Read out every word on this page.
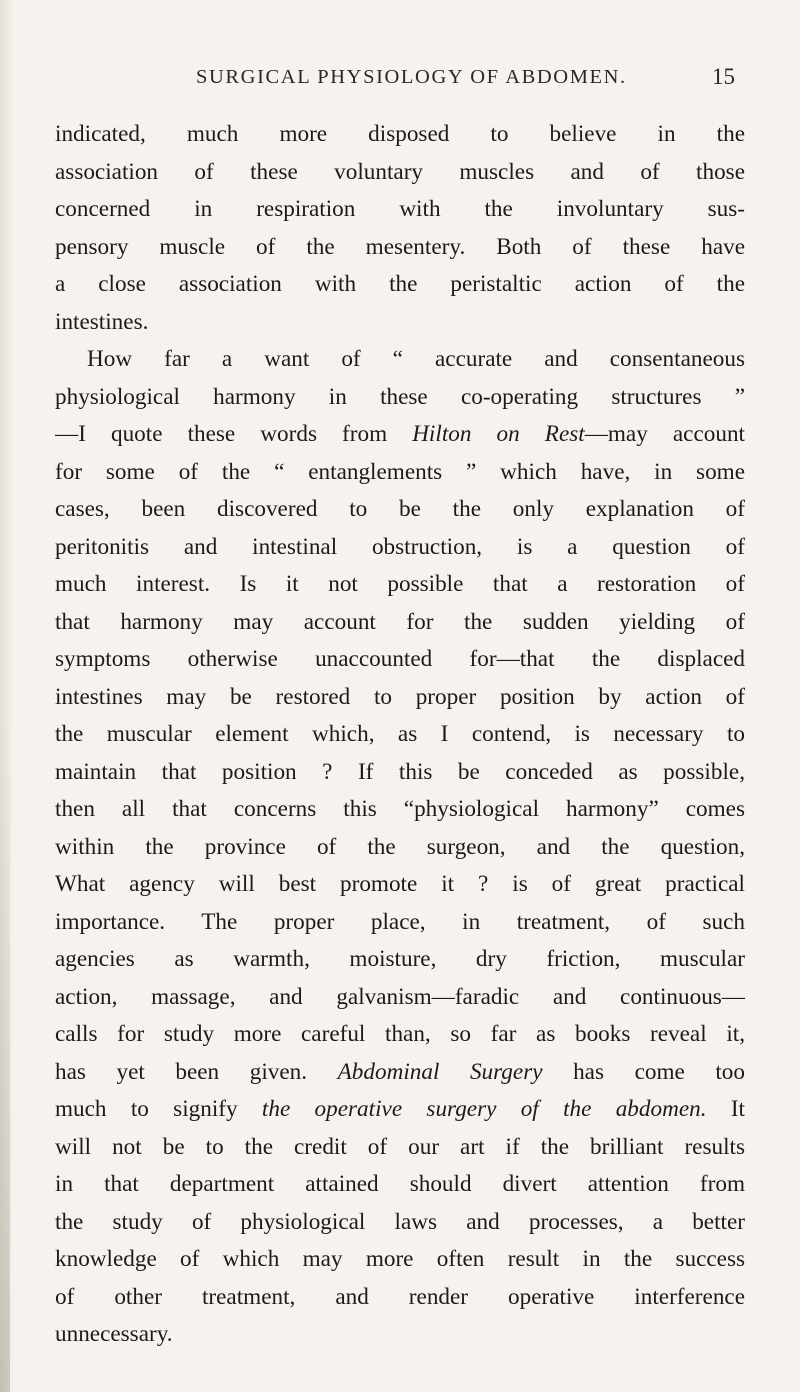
SURGICAL PHYSIOLOGY OF ABDOMEN.	15
indicated, much more disposed to believe in the
association of these voluntary muscles and of those
concerned in respiration with the involuntary sus-
pensory muscle of the mesentery. Both of these have
a close association with the peristaltic action of the
intestines.
How far a want of “ accurate and consentaneous
physiological harmony in these co-operating structures ”
—I quote these words from Hilton on Rest—may account
for some of the “ entanglements ” which have, in some
cases, been discovered to be the only explanation of
peritonitis and intestinal obstruction, is a question of
much interest. Is it not possible that a restoration of
that harmony may account for the sudden yielding of
symptoms otherwise unaccounted for—that the displaced
intestines may be restored to proper position by action of
the muscular element which, as I contend, is necessary to
maintain that position ? If this be conceded as possible,
then all that concerns this “physiological harmony” comes
within the province of the surgeon, and the question,
What agency will best promote it ? is of great practical
importance. The proper place, in treatment, of such
agencies as warmth, moisture, dry friction, muscular
action, massage, and galvanism—faradic and continuous—
calls for study more careful than, so far as books reveal it,
has yet been given. Abdominal Surgery has come too
much to signify the operative surgery of the abdomen. It
will not be to the credit of our art if the brilliant results
in that department attained should divert attention from
the study of physiological laws and processes, a better
knowledge of which may more often result in the success
of other treatment, and render operative interference
unnecessary.
